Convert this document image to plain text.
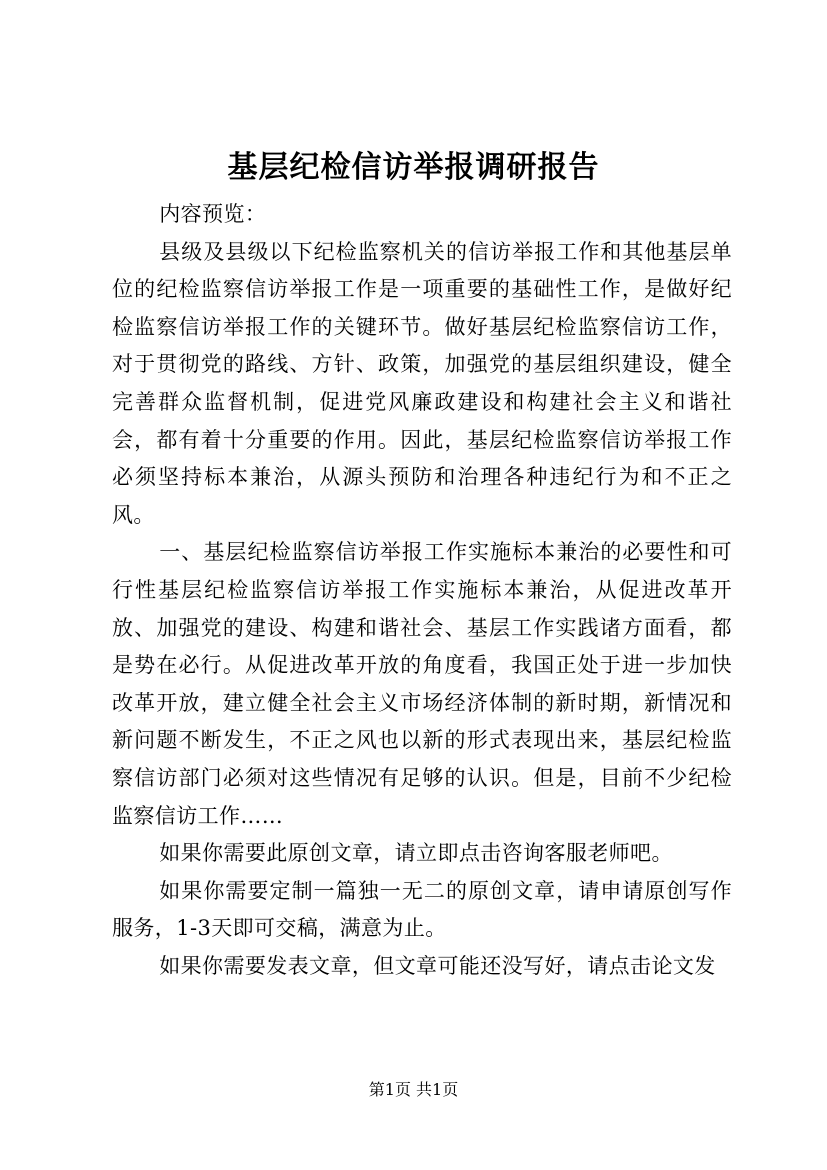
基层纪检信访举报调研报告

内容预览：

县级及县级以下纪检监察机关的信访举报工作和其他基层单位的纪检监察信访举报工作是一项重要的基础性工作，是做好纪检监察信访举报工作的关键环节。做好基层纪检监察信访工作，对于贯彻党的路线、方针、政策，加强党的基层组织建设，健全完善群众监督机制，促进党风廉政建设和构建社会主义和谐社会，都有着十分重要的作用。因此，基层纪检监察信访举报工作必须坚持标本兼治，从源头预防和治理各种违纪行为和不正之风。

一、基层纪检监察信访举报工作实施标本兼治的必要性和可行性基层纪检监察信访举报工作实施标本兼治，从促进改革开放、加强党的建设、构建和谐社会、基层工作实践诸方面看，都是势在必行。从促进改革开放的角度看，我国正处于进一步加快改革开放，建立健全社会主义市场经济体制的新时期，新情况和新问题不断发生，不正之风也以新的形式表现出来，基层纪检监察信访部门必须对这些情况有足够的认识。但是，目前不少纪检监察信访工作……

如果你需要此原创文章，请立即点击咨询客服老师吧。

如果你需要定制一篇独一无二的原创文章，请申请原创写作服务，1-3天即可交稿，满意为止。

如果你需要发表文章，但文章可能还没写好，请点击论文发

第1页 共1页
